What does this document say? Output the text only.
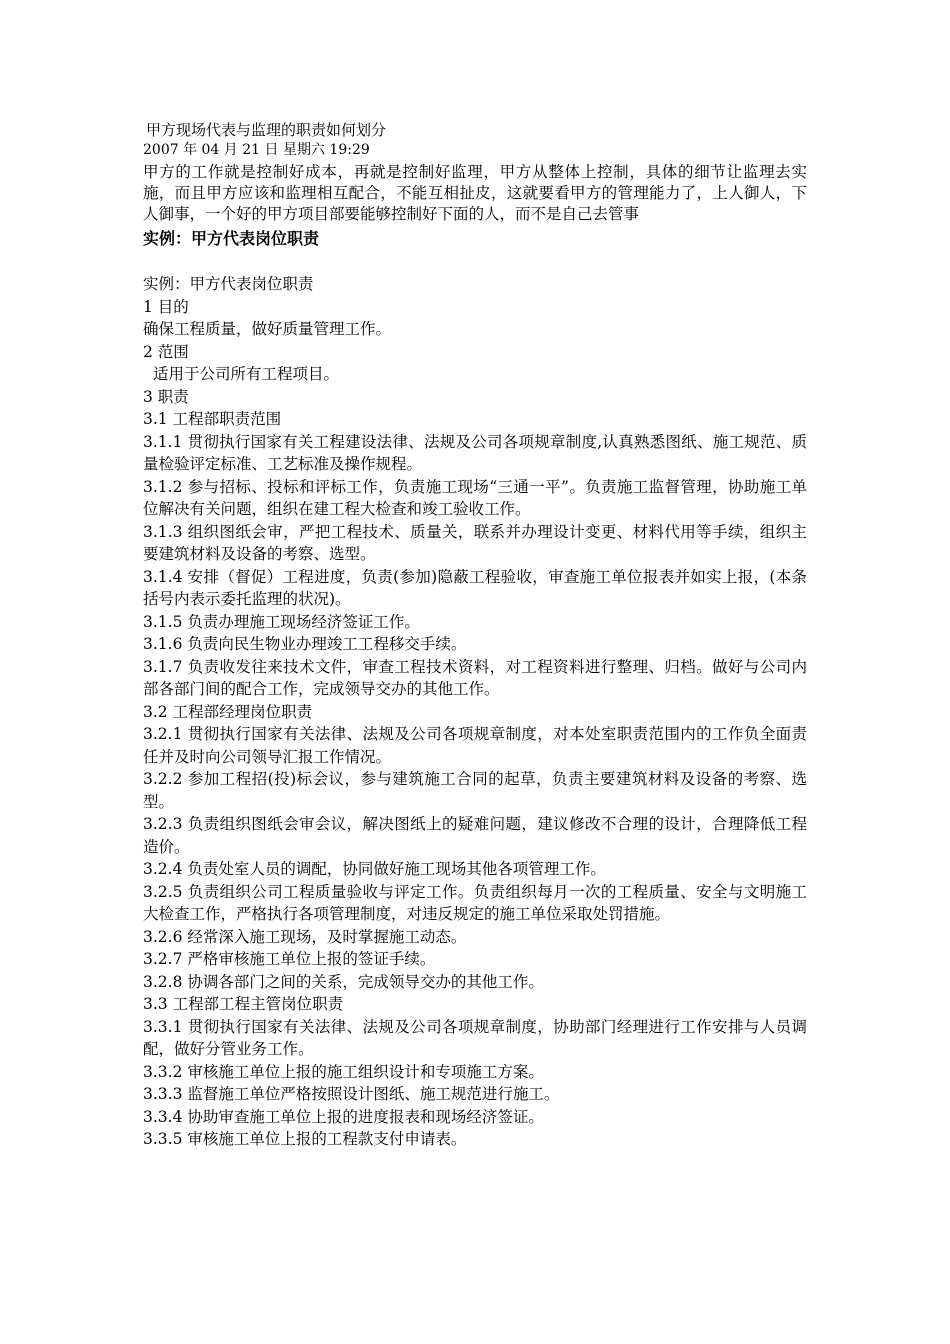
甲方现场代表与监理的职责如何划分

2007 年 04 月 21 日 星期六 19:29

甲方的工作就是控制好成本，再就是控制好监理，甲方从整体上控制，具体的细节让监理去实施，而且甲方应该和监理相互配合，不能互相扯皮，这就要看甲方的管理能力了，上人御人，下人御事，一个好的甲方项目部要能够控制好下面的人，而不是自己去管事

实例：甲方代表岗位职责

实例：甲方代表岗位职责

1 目的

确保工程质量，做好质量管理工作。

2 范围

适用于公司所有工程项目。

3 职责

3.1 工程部职责范围

3.1.1 贯彻执行国家有关工程建设法律、法规及公司各项规章制度,认真熟悉图纸、施工规范、质量检验评定标准、工艺标准及操作规程。

3.1.2 参与招标、投标和评标工作，负责施工现场“三通一平”。负责施工监督管理，协助施工单位解决有关问题，组织在建工程大检查和竣工验收工作。

3.1.3 组织图纸会审，严把工程技术、质量关，联系并办理设计变更、材料代用等手续，组织主要建筑材料及设备的考察、选型。

3.1.4 安排（督促）工程进度，负责(参加)隐蔽工程验收，审查施工单位报表并如实上报，(本条括号内表示委托监理的状况)。

3.1.5 负责办理施工现场经济签证工作。

3.1.6 负责向民生物业办理竣工工程移交手续。

3.1.7 负责收发往来技术文件，审查工程技术资料，对工程资料进行整理、归档。做好与公司内部各部门间的配合工作，完成领导交办的其他工作。

3.2 工程部经理岗位职责

3.2.1 贯彻执行国家有关法律、法规及公司各项规章制度，对本处室职责范围内的工作负全面责任并及时向公司领导汇报工作情况。

3.2.2 参加工程招(投)标会议，参与建筑施工合同的起草，负责主要建筑材料及设备的考察、选型。

3.2.3 负责组织图纸会审会议，解决图纸上的疑难问题，建议修改不合理的设计，合理降低工程造价。

3.2.4 负责处室人员的调配，协同做好施工现场其他各项管理工作。

3.2.5 负责组织公司工程质量验收与评定工作。负责组织每月一次的工程质量、安全与文明施工大检查工作，严格执行各项管理制度，对违反规定的施工单位采取处罚措施。

3.2.6 经常深入施工现场，及时掌握施工动态。

3.2.7 严格审核施工单位上报的签证手续。

3.2.8 协调各部门之间的关系，完成领导交办的其他工作。

3.3 工程部工程主管岗位职责

3.3.1 贯彻执行国家有关法律、法规及公司各项规章制度，协助部门经理进行工作安排与人员调配，做好分管业务工作。

3.3.2 审核施工单位上报的施工组织设计和专项施工方案。

3.3.3 监督施工单位严格按照设计图纸、施工规范进行施工。

3.3.4 协助审查施工单位上报的进度报表和现场经济签证。

3.3.5 审核施工单位上报的工程款支付申请表。
